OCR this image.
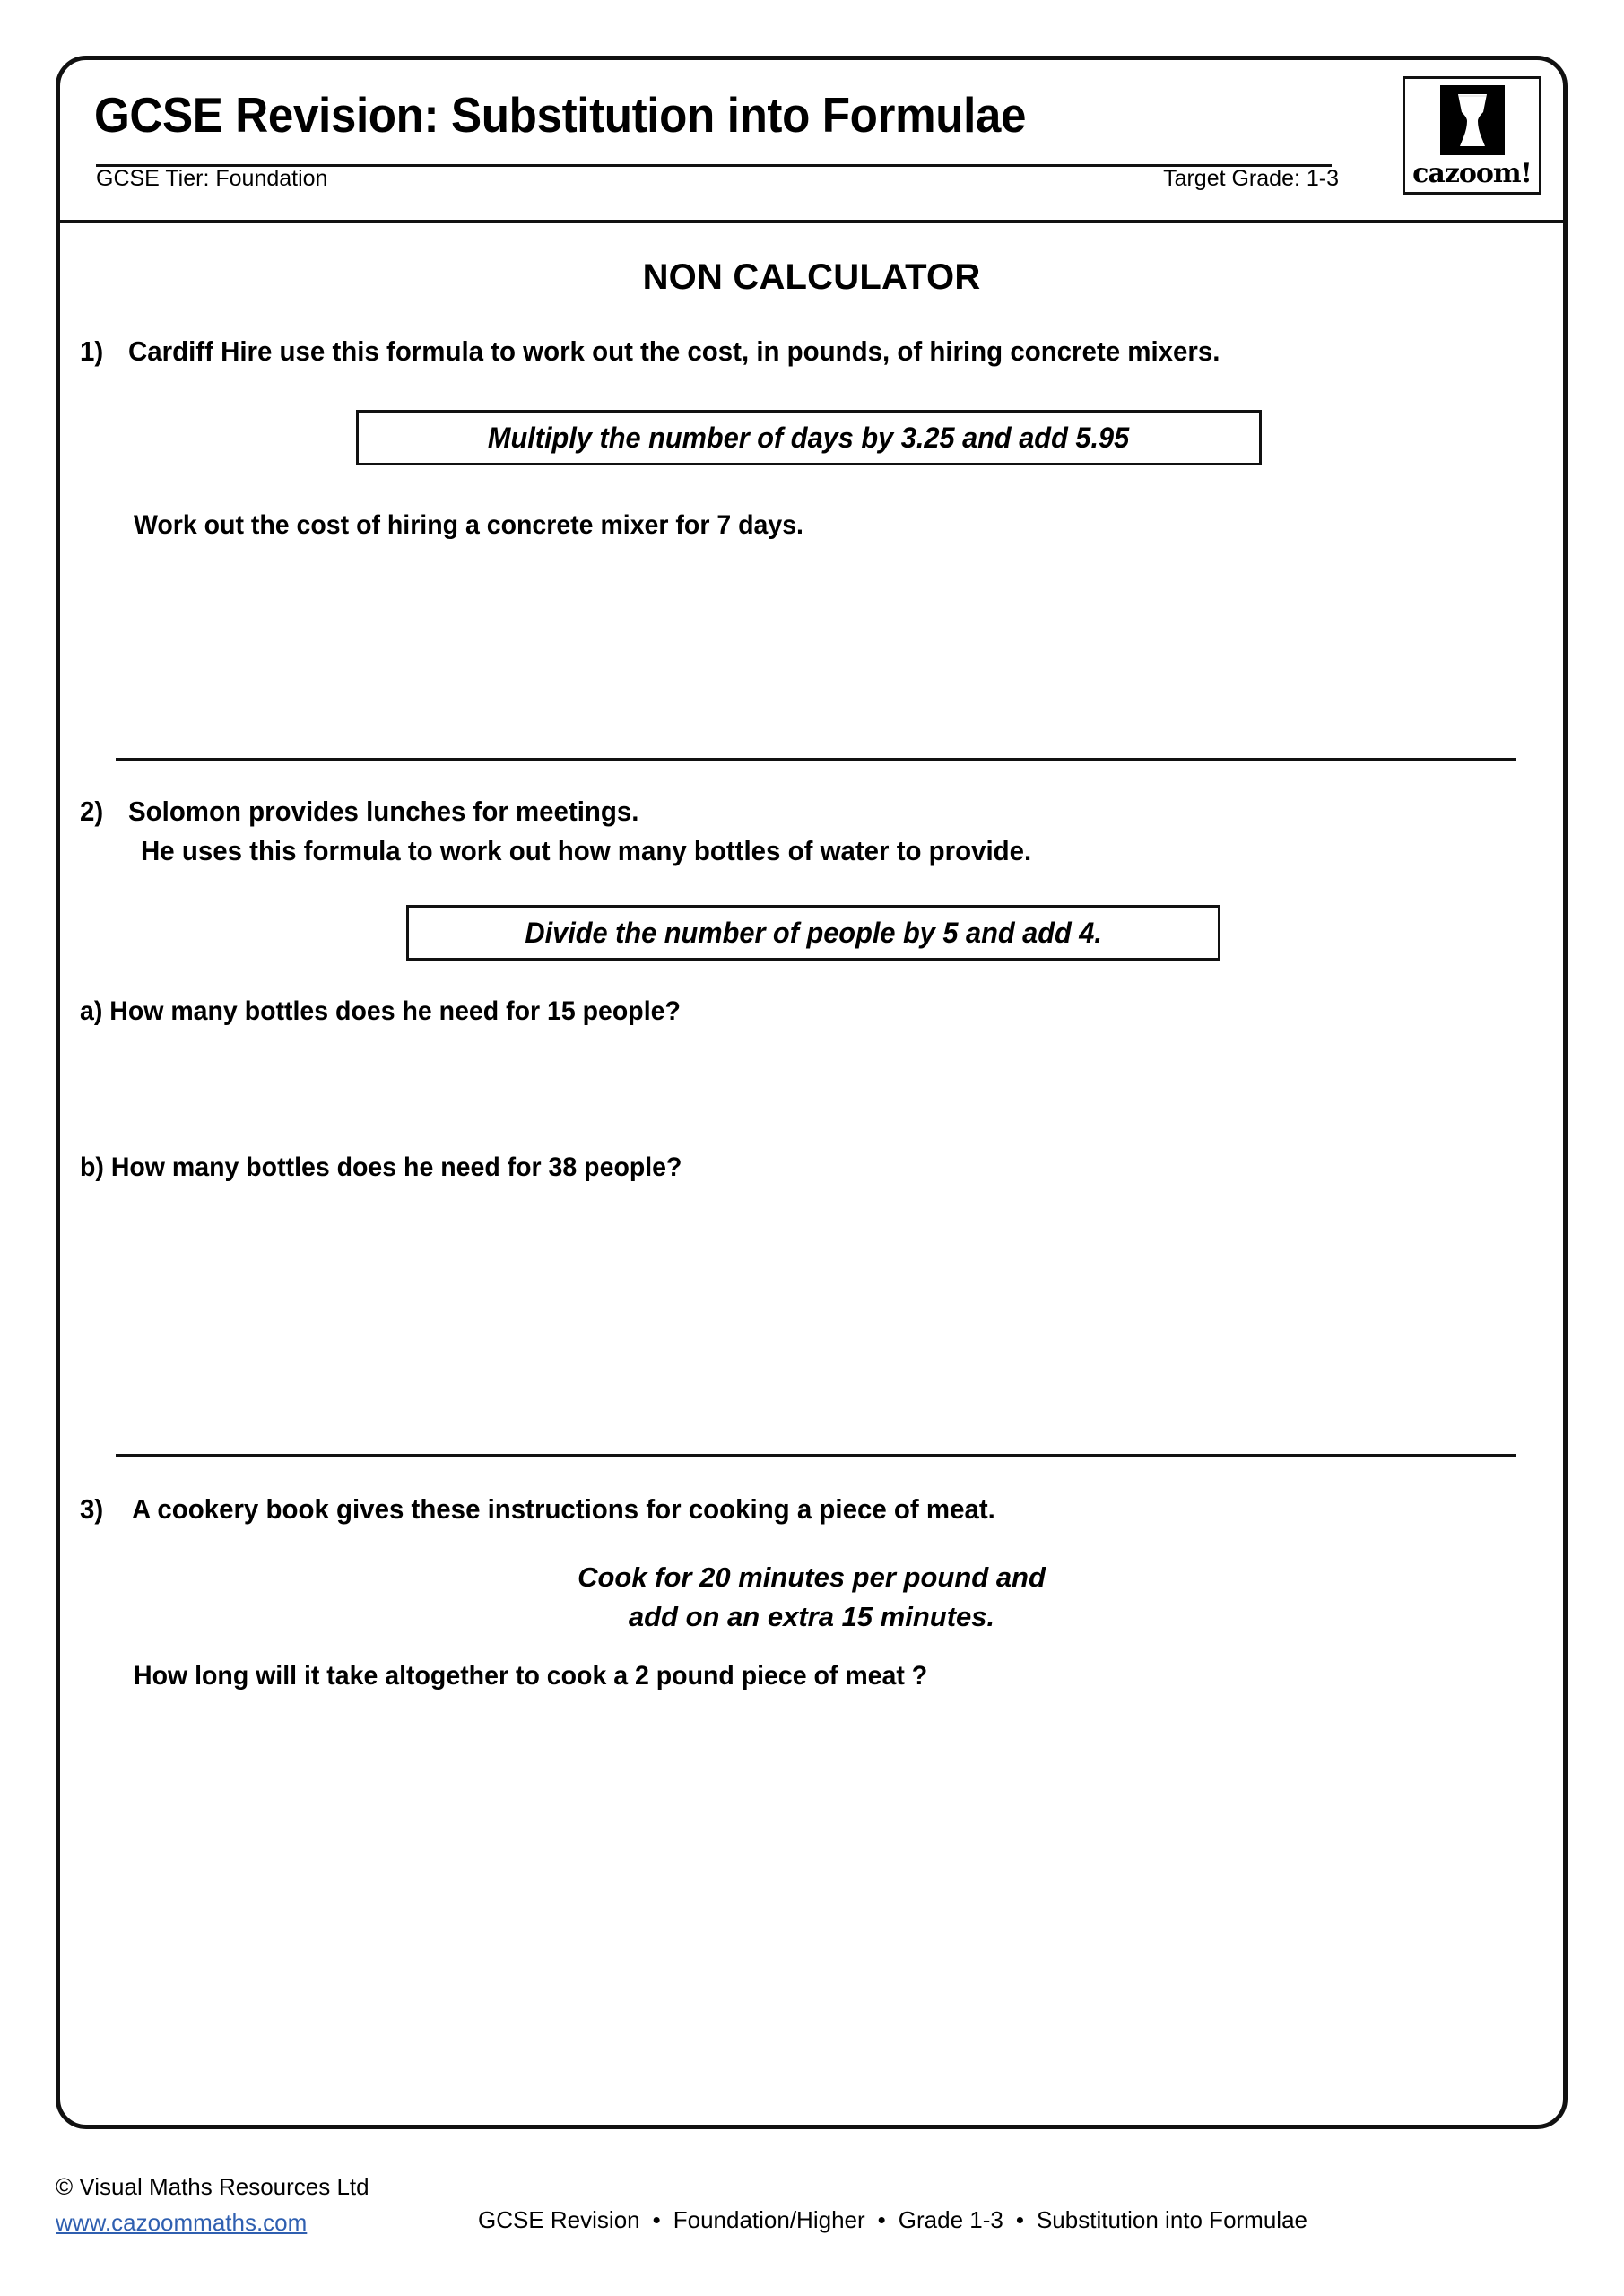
GCSE Revision: Substitution into Formulae
GCSE Tier: Foundation	Target Grade: 1-3	cazoom!
NON CALCULATOR
1) Cardiff Hire use this formula to work out the cost, in pounds, of hiring concrete mixers.
Multiply the number of days by 3.25 and add 5.95
Work out the cost of hiring a concrete mixer for 7 days.
2) Solomon provides lunches for meetings.
He uses this formula to work out how many bottles of water to provide.
Divide the number of people by 5 and add 4.
a) How many bottles does he need for 15 people?
b) How many bottles does he need for 38 people?
3) A cookery book gives these instructions for cooking a piece of meat.
Cook for 20 minutes per pound and
add on an extra 15 minutes.
How long will it take altogether to cook a 2 pound piece of meat ?
© Visual Maths Resources Ltd
www.cazoommaths.com	GCSE Revision • Foundation/Higher • Grade 1-3 • Substitution into Formulae
